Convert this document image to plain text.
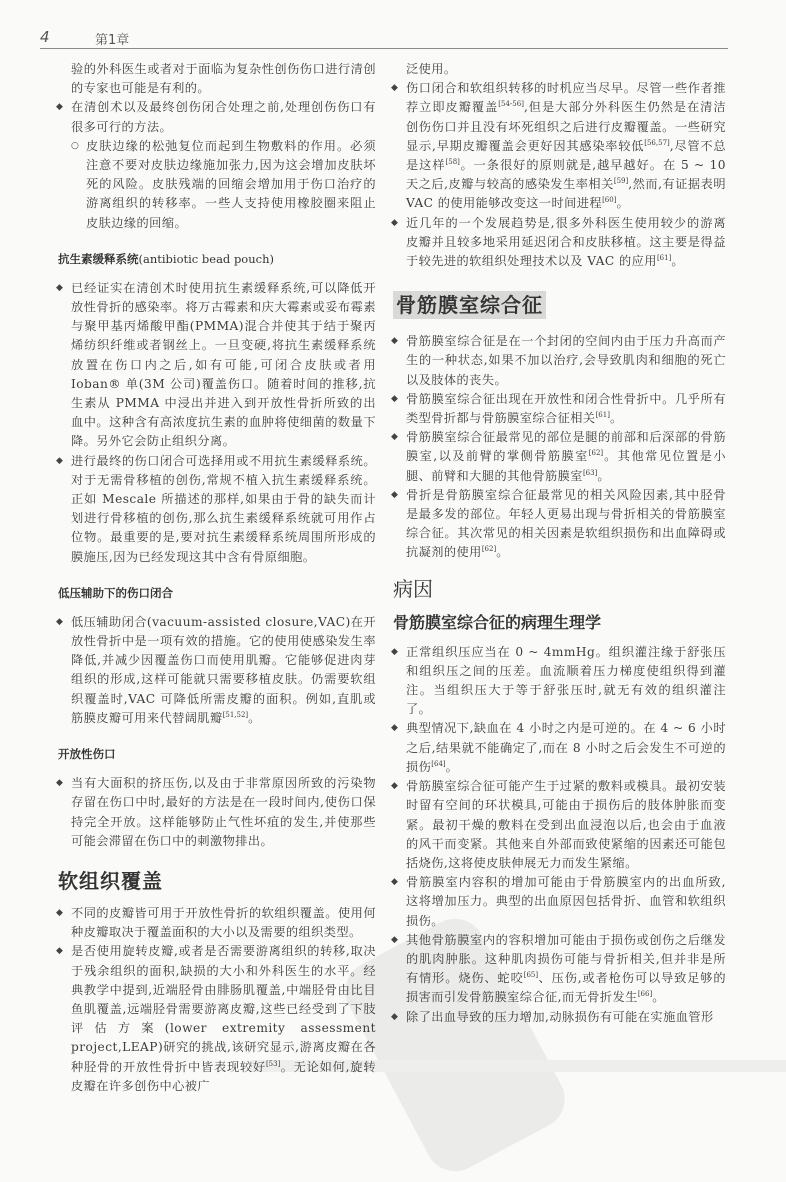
4	第1章

验的外科医生或者对于面临为复杂性创伤伤口进行清创的专家也可能是有利的。

◆ 在清创术以及最终创伤闭合处理之前,处理创伤伤口有很多可行的方法。

○ 皮肤边缘的松弛复位而起到生物敷料的作用。必须注意不要对皮肤边缘施加张力,因为这会增加皮肤坏死的风险。皮肤残端的回缩会增加用于伤口治疗的游离组织的转移率。一些人支持使用橡胶圈来阻止皮肤边缘的回缩。

抗生素缓释系统(antibiotic bead pouch)

◆ 已经证实在清创术时使用抗生素缓释系统,可以降低开放性骨折的感染率。将万古霉素和庆大霉素或妥布霉素与聚甲基丙烯酸甲酯(PMMA)混合并使其于结于聚丙烯纺织纤维或者钢丝上。一旦变硬,将抗生素缓释系统放置在伤口内之后,如有可能,可闭合皮肤或者用 Ioban® 单(3M 公司)覆盖伤口。随着时间的推移,抗生素从 PMMA 中浸出并进入到开放性骨折所致的出血中。这种含有高浓度抗生素的血肿将使细菌的数量下降。另外它会防止组织分离。

◆ 进行最终的伤口闭合可选择用或不用抗生素缓释系统。对于无需骨移植的创伤,常规不植入抗生素缓释系统。正如 Mescale 所描述的那样,如果由于骨的缺失而计划进行骨移植的创伤,那么抗生素缓释系统就可用作占位物。最重要的是,要对抗生素缓释系统周围所形成的膜施压,因为已经发现这其中含有骨原细胞。

低压辅助下的伤口闭合

◆ 低压辅助闭合(vacuum-assisted closure,VAC)在开放性骨折中是一项有效的措施。它的使用使感染发生率降低,并减少因覆盖伤口而使用肌瓣。它能够促进肉芽组织的形成,这样可能就只需要移植皮肤。仍需要软组织覆盖时,VAC 可降低所需皮瓣的面积。例如,直肌或筋膜皮瓣可用来代替阔肌瓣[51,52]。

开放性伤口

◆ 当有大面积的挤压伤,以及由于非常原因所致的污染物存留在伤口中时,最好的方法是在一段时间内,使伤口保持完全开放。这样能够防止气性坏疽的发生,并使那些可能会滞留在伤口中的刺激物排出。

软组织覆盖

◆ 不同的皮瓣皆可用于开放性骨折的软组织覆盖。使用何种皮瓣取决于覆盖面积的大小以及需要的组织类型。

◆ 是否使用旋转皮瓣,或者是否需要游离组织的转移,取决于残余组织的面积,缺损的大小和外科医生的水平。经典教学中提到,近端胫骨由腓肠肌覆盖,中端胫骨由比目鱼肌覆盖,远端胫骨需要游离皮瓣,这些已经受到了下肢评估方案(lower extremity assessment project,LEAP)研究的挑战,该研究显示,游离皮瓣在各种胫骨的开放性骨折中皆表现较好[53]。无论如何,旋转皮瓣在许多创伤中心被广

泛使用。

◆ 伤口闭合和软组织转移的时机应当尽早。尽管一些作者推荐立即皮瓣覆盖[54-56],但是大部分外科医生仍然是在清洁创伤伤口并且没有坏死组织之后进行皮瓣覆盖。一些研究显示,早期皮瓣覆盖会更好因其感染率较低[56,57],尽管不总是这样[58]。一条很好的原则就是,越早越好。在 5 ~ 10 天之后,皮瓣与较高的感染发生率相关[59],然而,有证据表明 VAC 的使用能够改变这一时间进程[60]。

◆ 近几年的一个发展趋势是,很多外科医生使用较少的游离皮瓣并且较多地采用延迟闭合和皮肤移植。这主要是得益于较先进的软组织处理技术以及 VAC 的应用[61]。

骨筋膜室综合征

◆ 骨筋膜室综合征是在一个封闭的空间内由于压力升高而产生的一种状态,如果不加以治疗,会导致肌肉和细胞的死亡以及肢体的丧失。

◆ 骨筋膜室综合征出现在开放性和闭合性骨折中。几乎所有类型骨折都与骨筋膜室综合征相关[61]。

◆ 骨筋膜室综合征最常见的部位是腿的前部和后深部的骨筋膜室,以及前臂的掌侧骨筋膜室[62]。其他常见位置是小腿、前臂和大腿的其他骨筋膜室[63]。

◆ 骨折是骨筋膜室综合征最常见的相关风险因素,其中胫骨是最多发的部位。年轻人更易出现与骨折相关的骨筋膜室综合征。其次常见的相关因素是软组织损伤和出血障碍或抗凝剂的使用[62]。

病因
骨筋膜室综合征的病理生理学

◆ 正常组织压应当在 0 ~ 4mmHg。组织灌注缘于舒张压和组织压之间的压差。血流顺着压力梯度使组织得到灌注。当组织压大于等于舒张压时,就无有效的组织灌注了。

◆ 典型情况下,缺血在 4 小时之内是可逆的。在 4 ~ 6 小时之后,结果就不能确定了,而在 8 小时之后会发生不可逆的损伤[64]。

◆ 骨筋膜室综合征可能产生于过紧的敷料或模具。最初安装时留有空间的环状模具,可能由于损伤后的肢体肿胀而变紧。最初干燥的敷料在受到出血浸泡以后,也会由于血液的风干而变紧。其他来自外部而致使紧缩的因素还可能包括烧伤,这将使皮肤伸展无力而发生紧缩。

◆ 骨筋膜室内容积的增加可能由于骨筋膜室内的出血所致,这将增加压力。典型的出血原因包括骨折、血管和软组织损伤。

◆ 其他骨筋膜室内的容积增加可能由于损伤或创伤之后继发的肌肉肿胀。这种肌肉损伤可能与骨折相关,但并非是所有情形。烧伤、蛇咬[65]、压伤,或者枪伤可以导致足够的损害而引发骨筋膜室综合征,而无骨折发生[66]。

◆ 除了出血导致的压力增加,动脉损伤有可能在实施血管形
